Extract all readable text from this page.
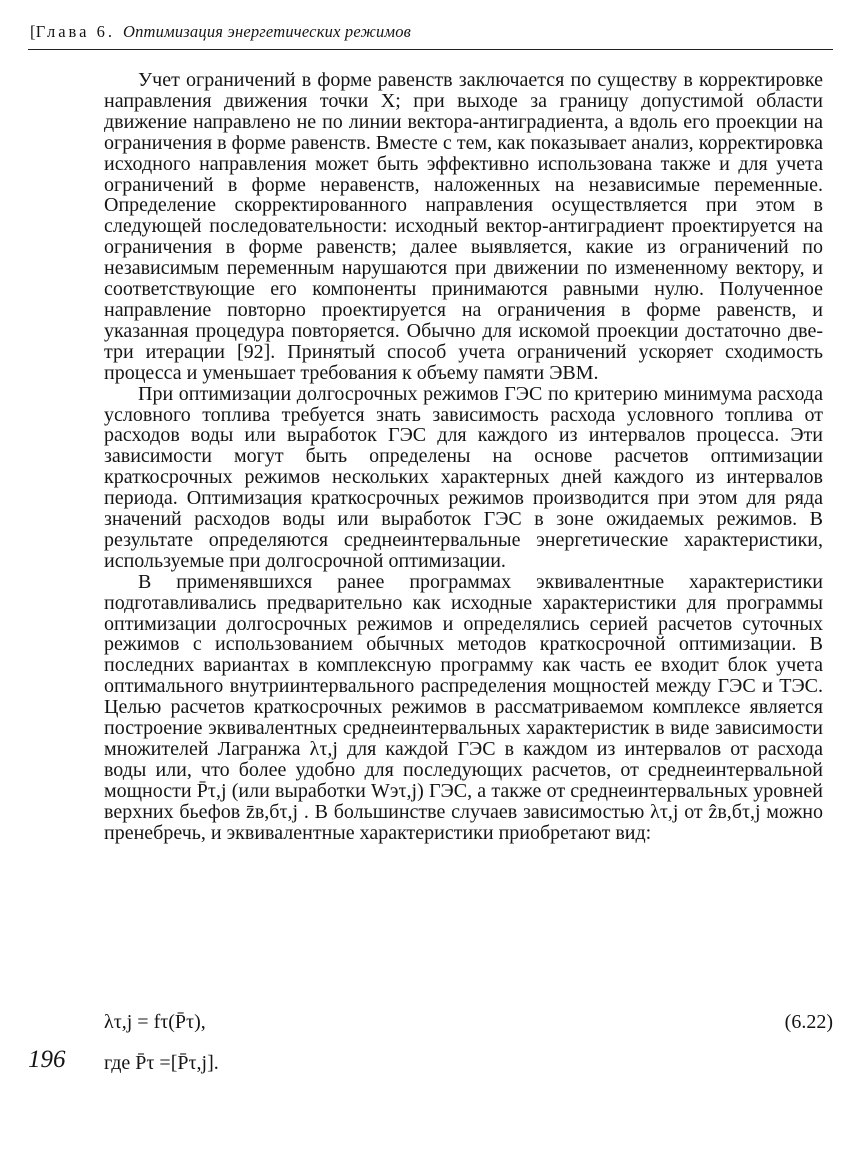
[Глава 6. Оптимизация энергетических режимов

Учет ограничений в форме равенств заключается по существу в корректировке направления движения точки X; при выходе за границу допустимой области движение направлено не по линии вектора-антиградиента, а вдоль его проекции на ограничения в форме равенств. Вместе с тем, как показывает анализ, корректировка исходного направления может быть эффективно использована также и для учета ограничений в форме неравенств, наложенных на независимые переменные. Определение скорректированного направления осуществляется при этом в следующей последовательности: исходный вектор-антиградиент проектируется на ограничения в форме равенств; далее выявляется, какие из ограничений по независимым переменным нарушаются при движении по измененному вектору, и соответствующие его компоненты принимаются равными нулю. Полученное направление повторно проектируется на ограничения в форме равенств, и указанная процедура повторяется. Обычно для искомой проекции достаточно две-три итерации [92]. Принятый способ учета ограничений ускоряет сходимость процесса и уменьшает требования к объему памяти ЭВМ.

При оптимизации долгосрочных режимов ГЭС по критерию минимума расхода условного топлива требуется знать зависимость расхода условного топлива от расходов воды или выработок ГЭС для каждого из интервалов процесса. Эти зависимости могут быть определены на основе расчетов оптимизации краткосрочных режимов нескольких характерных дней каждого из интервалов периода. Оптимизация краткосрочных режимов производится при этом для ряда значений расходов воды или выработок ГЭС в зоне ожидаемых режимов. В результате определяются среднеинтервальные энергетические характеристики, используемые при долгосрочной оптимизации.

В применявшихся ранее программах эквивалентные характеристики подготавливались предварительно как исходные характеристики для программы оптимизации долгосрочных режимов и определялись серией расчетов суточных режимов с использованием обычных методов краткосрочной оптимизации. В последних вариантах в комплексную программу как часть ее входит блок учета оптимального внутриинтервального распределения мощностей между ГЭС и ТЭС. Целью расчетов краткосрочных режимов в рассматриваемом комплексе является построение эквивалентных среднеинтервальных характеристик в виде зависимости множителей Лагранжа λτ,j для каждой ГЭС в каждом из интервалов от расхода воды или, что более удобно для последующих расчетов, от среднеинтервальной мощности P̄τ,j (или выработки Wэτ,j) ГЭС, а также от среднеинтервальных уровней верхних бьефов z̄в,бτ,j . В большинстве случаев зависимостью λτ,j от ẑв,бτ,j можно пренебречь, и эквивалентные характеристики приобретают вид:

λτ,j = fτ(P̄τ),	(6.22)
где P̄τ =[P̄τ,j].
196
